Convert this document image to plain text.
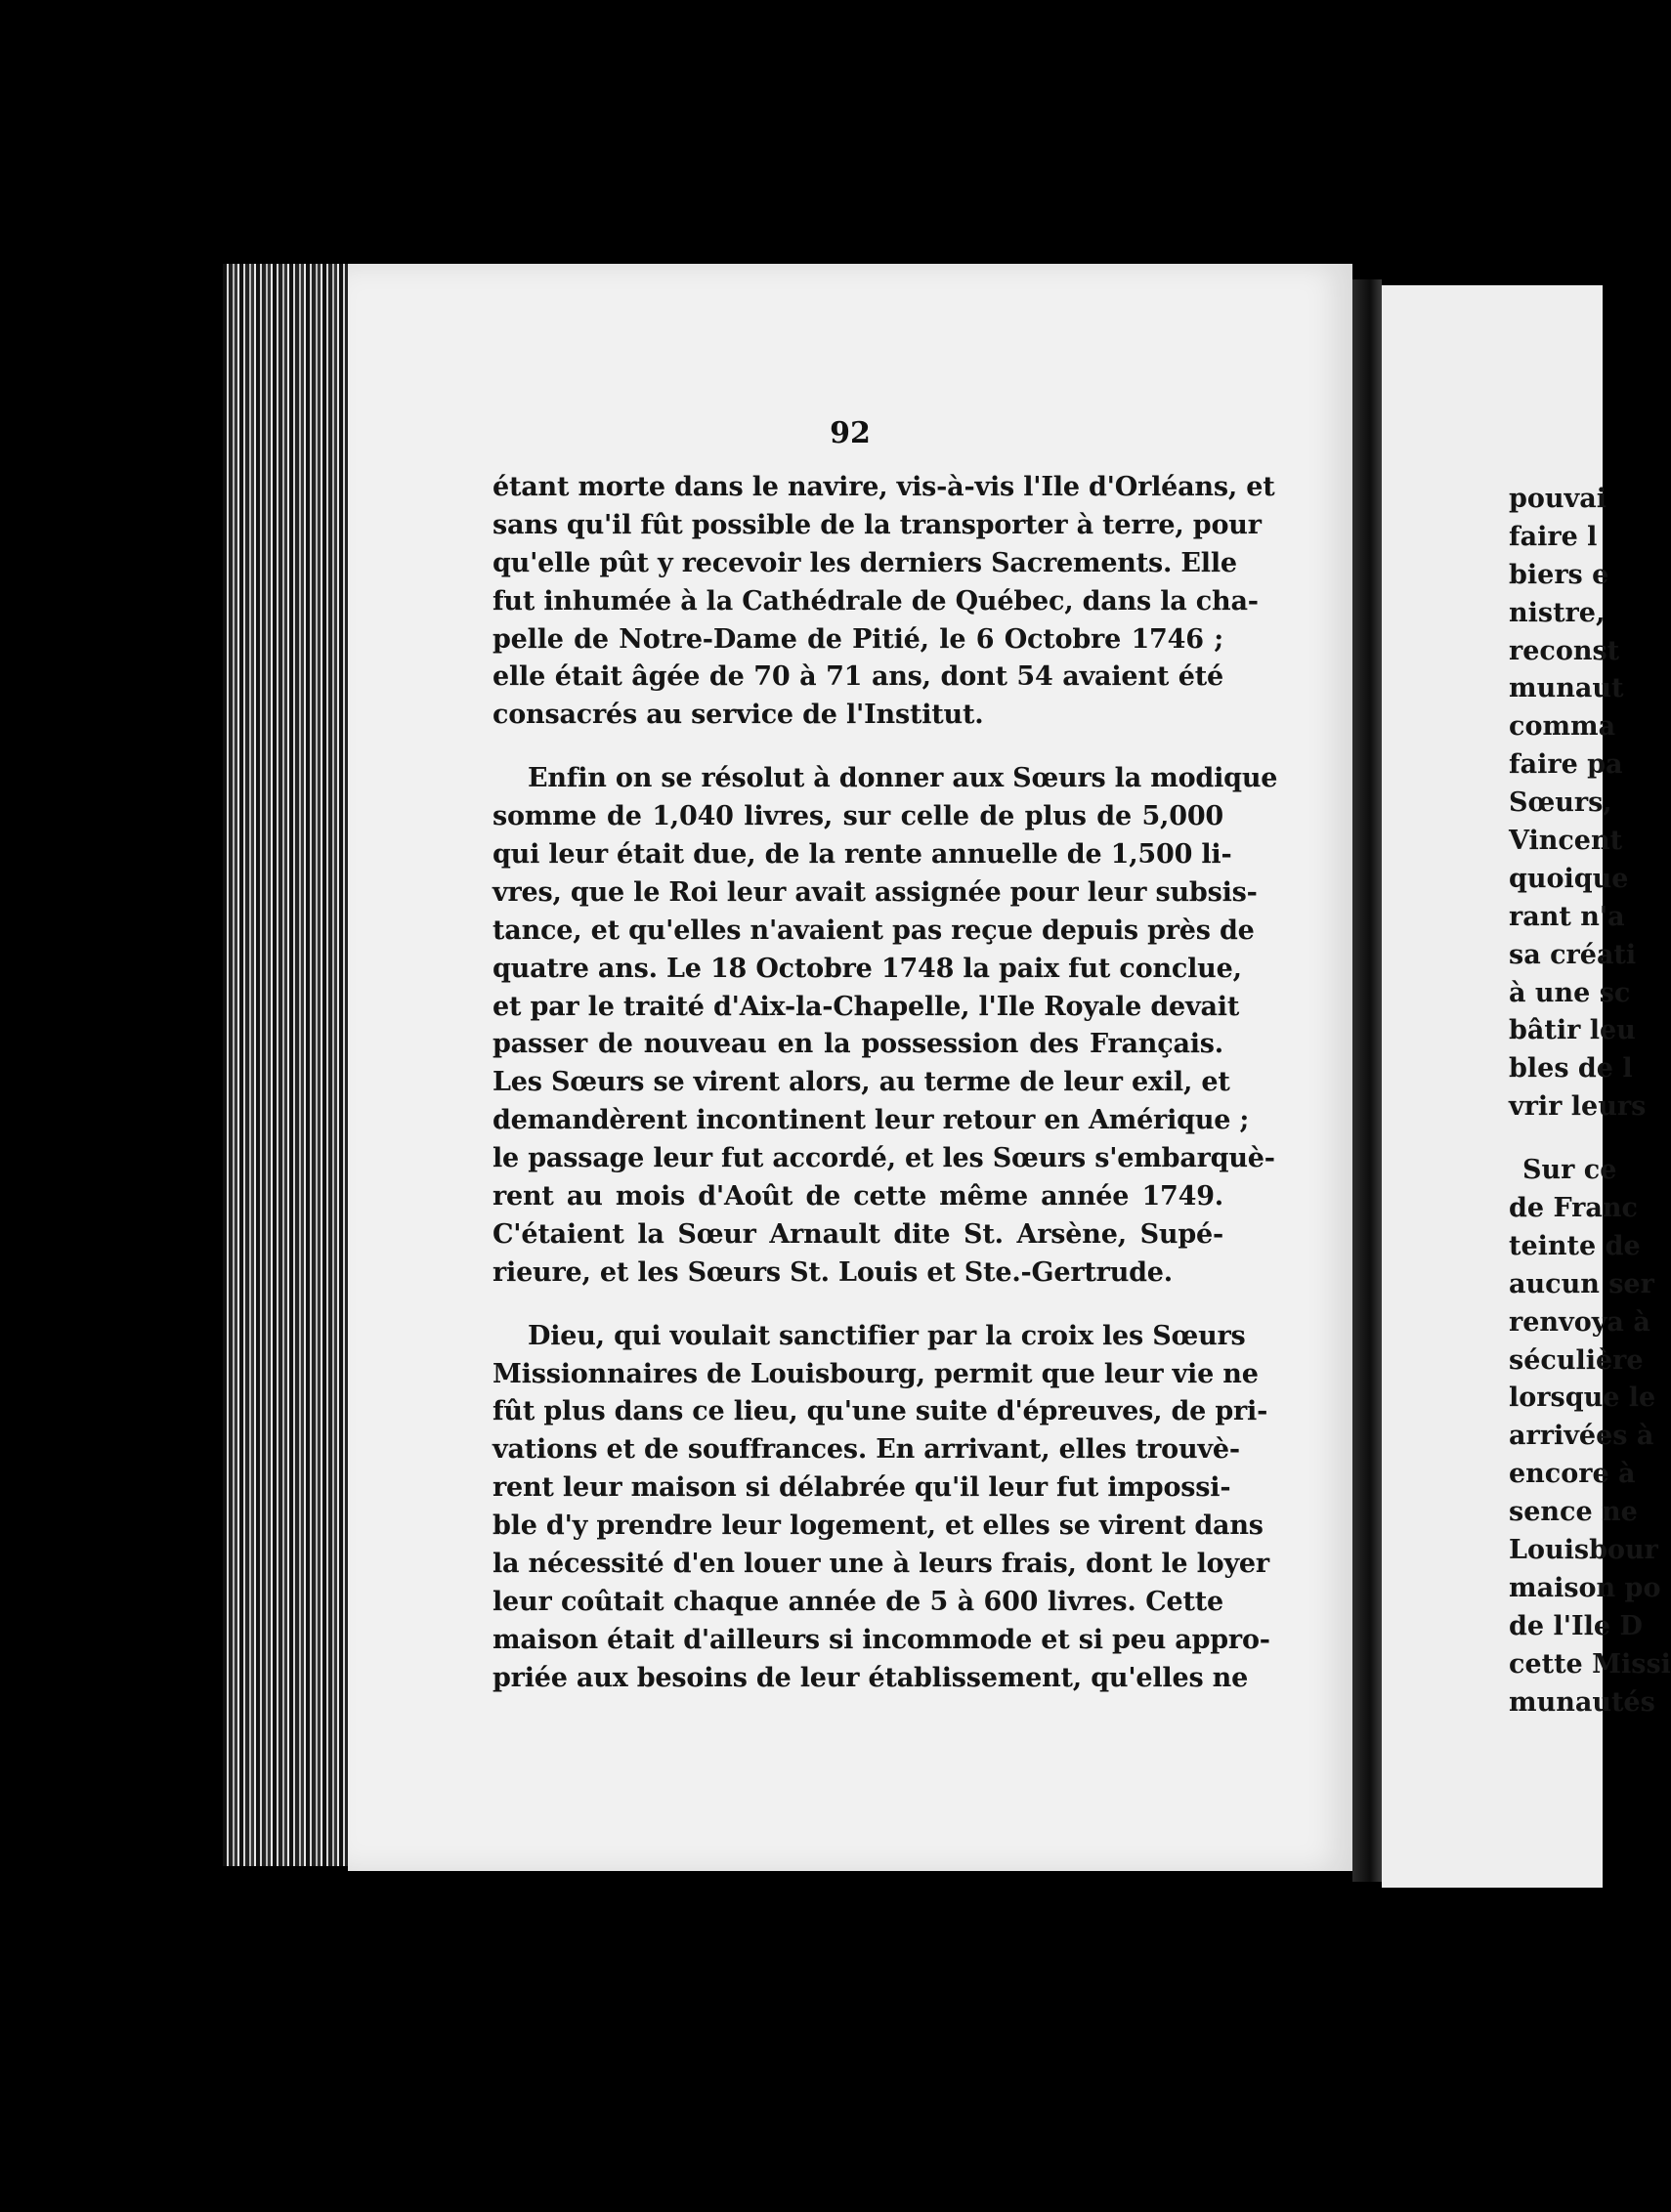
92
étant morte dans le navire, vis-à-vis l'Ile d'Orléans, et
sans qu'il fût possible de la transporter à terre, pour
qu'elle pût y recevoir les derniers Sacrements. Elle
fut inhumée à la Cathédrale de Québec, dans la cha-
pelle de Notre-Dame de Pitié, le 6 Octobre 1746 ;
elle était âgée de 70 à 71 ans, dont 54 avaient été
consacrés au service de l'Institut.
Enfin on se résolut à donner aux Sœurs la modique
somme de 1,040 livres, sur celle de plus de 5,000
qui leur était due, de la rente annuelle de 1,500 li-
vres, que le Roi leur avait assignée pour leur subsis-
tance, et qu'elles n'avaient pas reçue depuis près de
quatre ans. Le 18 Octobre 1748 la paix fut conclue,
et par le traité d'Aix-la-Chapelle, l'Ile Royale devait
passer de nouveau en la possession des Français.
Les Sœurs se virent alors, au terme de leur exil, et
demandèrent incontinent leur retour en Amérique ;
le passage leur fut accordé, et les Sœurs s'embarquè-
rent au mois d'Août de cette même année 1749.
C'étaient la Sœur Arnault dite St. Arsène, Supé-
rieure, et les Sœurs St. Louis et Ste.-Gertrude.
Dieu, qui voulait sanctifier par la croix les Sœurs
Missionnaires de Louisbourg, permit que leur vie ne
fût plus dans ce lieu, qu'une suite d'épreuves, de pri-
vations et de souffrances. En arrivant, elles trouvè-
rent leur maison si délabrée qu'il leur fut impossi-
ble d'y prendre leur logement, et elles se virent dans
la nécessité d'en louer une à leurs frais, dont le loyer
leur coûtait chaque année de 5 à 600 livres. Cette
maison était d'ailleurs si incommode et si peu appro-
priée aux besoins de leur établissement, qu'elles ne
pouvai
faire l
biers e
nistre,
reconst
munaut
comma
faire pa
Sœurs,
Vincent
quoique
rant n'a
sa créati
à une sc
bâtir leu
bles de l
vrir leurs
Sur ce
de Franc
teinte de
aucun ser
renvoya à
séculière
lorsque le
arrivées à
encore à
sence ne
Louisbour
maison po
de l'Ile D
cette Missi
munautés
